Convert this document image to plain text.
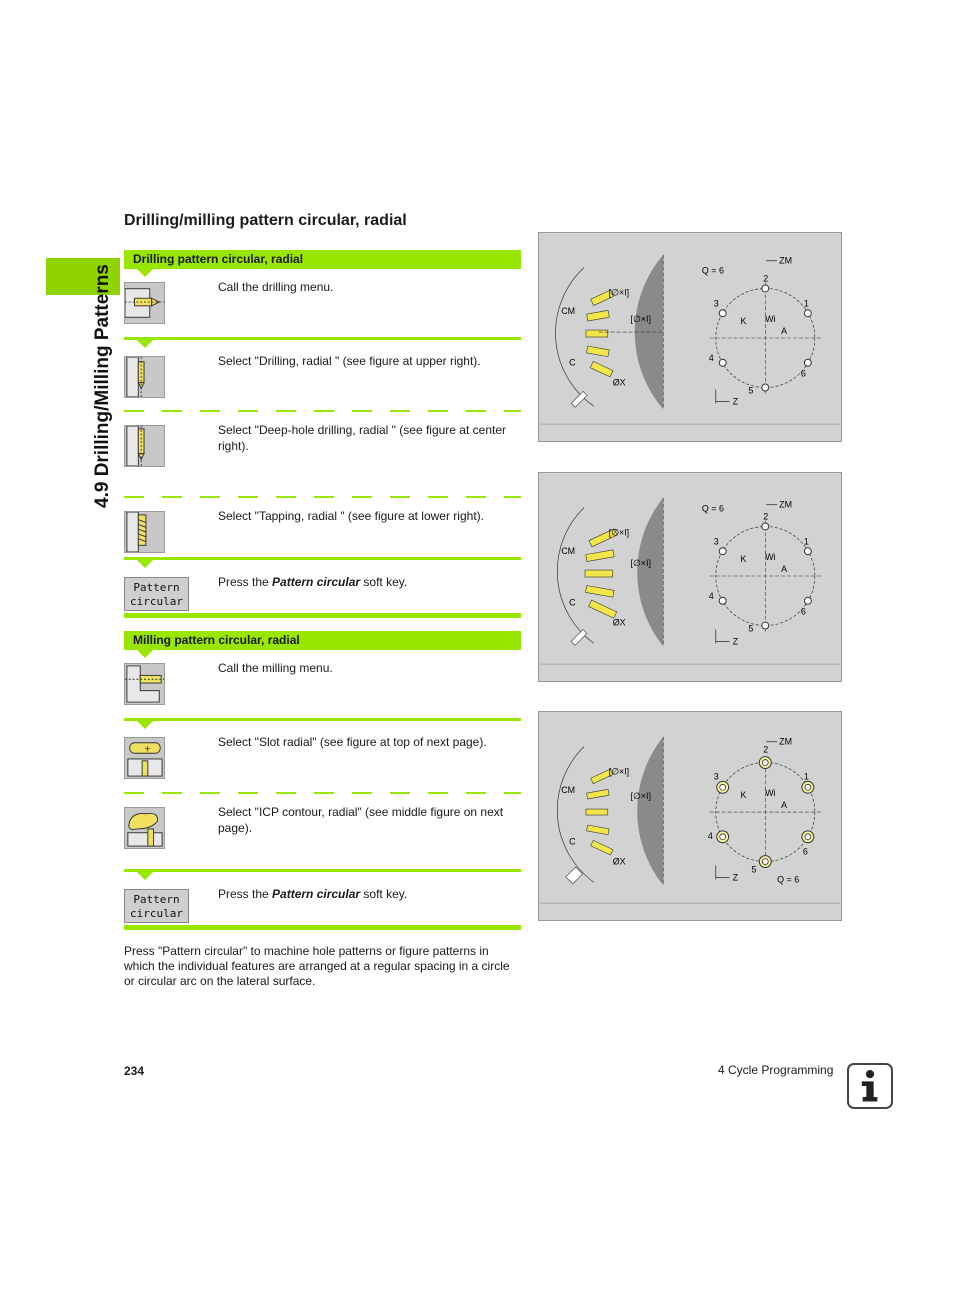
4.9 Drilling/Milling Patterns
Drilling/milling pattern circular, radial
Drilling pattern circular, radial
Call the drilling menu.
Select "Drilling, radial " (see figure at upper right).
Select "Deep-hole drilling, radial " (see figure at center right).
Select "Tapping, radial " (see figure at lower right).
Pattern
circular
Press the Pattern circular soft key.
Milling pattern circular, radial
Call the milling menu.
+
Select "Slot radial" (see figure at top of next page).
Select "ICP contour, radial" (see middle figure on next page).
Pattern
circular
Press the Pattern circular soft key.
Press "Pattern circular" to machine hole patterns or figure patterns in which the individual features are arranged at a regular spacing in a circle or circular arc on the lateral surface.
CM
C
[∅×I]
[∅×I]
ØX
2
1
3
4
6
5
K Wi
A
Q = 6
ZM
Z
CM
C
[∅×I]
[∅×I]
ØX
2
1
3
4
6
5
K Wi
A
Q = 6	ZM
Z
CM
C
[∅×I]
[∅×I]
ØX
2
1
3
4
6
5
K Wi
A
ZM
Z	Q = 6
234	4 Cycle Programming
